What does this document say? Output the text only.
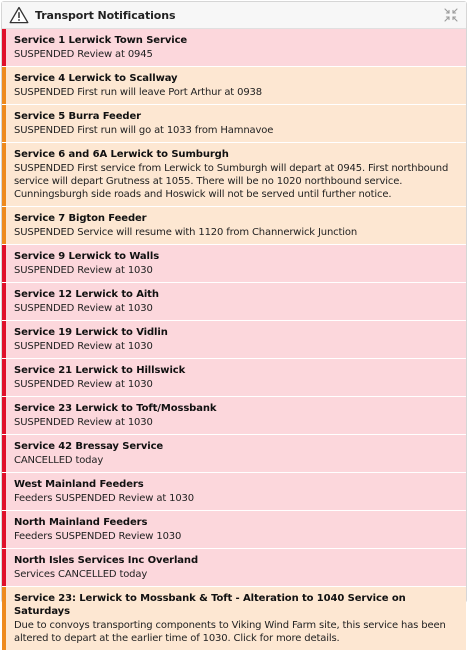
Transport Notifications
Service 1 Lerwick Town Service
SUSPENDED Review at 0945
Service 4 Lerwick to Scallway
SUSPENDED First run will leave Port Arthur at 0938
Service 5 Burra Feeder
SUSPENDED First run will go at 1033 from Hamnavoe
Service 6 and 6A Lerwick to Sumburgh
SUSPENDED First service from Lerwick to Sumburgh will depart at 0945. First northbound service will depart Grutness at 1055. There will be no 1020 northbound service. Cunningsburgh side roads and Hoswick will not be served until further notice.
Service 7 Bigton Feeder
SUSPENDED Service will resume with 1120 from Channerwick Junction
Service 9 Lerwick to Walls
SUSPENDED Review at 1030
Service 12 Lerwick to Aith
SUSPENDED Review at 1030
Service 19 Lerwick to Vidlin
SUSPENDED Review at 1030
Service 21 Lerwick to Hillswick
SUSPENDED Review at 1030
Service 23 Lerwick to Toft/Mossbank
SUSPENDED Review at 1030
Service 42 Bressay Service
CANCELLED today
West Mainland Feeders
Feeders SUSPENDED Review at 1030
North Mainland Feeders
Feeders SUSPENDED Review 1030
North Isles Services Inc Overland
Services CANCELLED today
Service 23: Lerwick to Mossbank & Toft - Alteration to 1040 Service on Saturdays
Due to convoys transporting components to Viking Wind Farm site, this service has been altered to depart at the earlier time of 1030. Click for more details.
